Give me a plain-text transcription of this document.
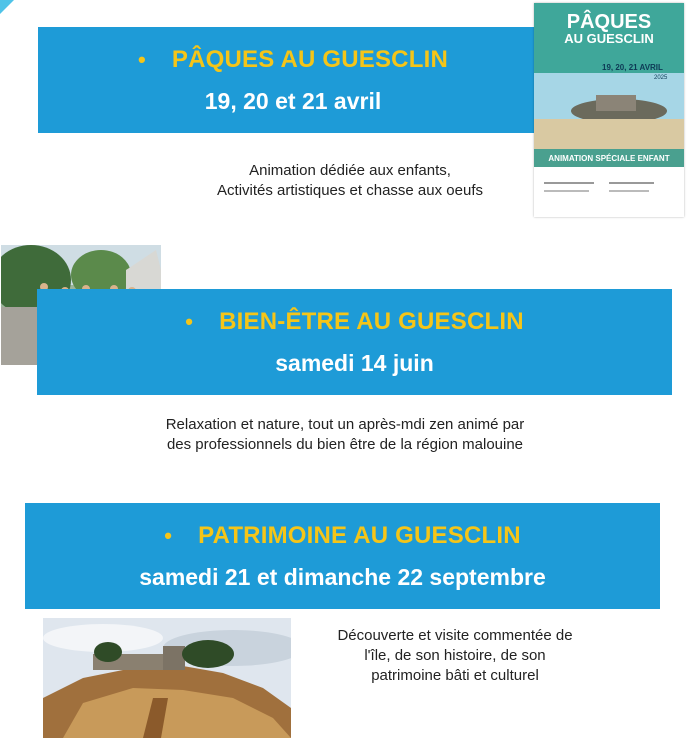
• PÂQUES AU GUESCLIN
19, 20 et 21 avril
PÂQUES
AU GUESCLIN
19, 20, 21 AVRIL
2025
ANIMATION SPÉCIALE ENFANT
Animation dédiée aux enfants,
Activités artistiques et chasse aux oeufs
• BIEN-ÊTRE AU GUESCLIN
samedi 14 juin
Relaxation et nature, tout un après-mdi zen animé par
des professionnels du bien être de la région malouine
• PATRIMOINE AU GUESCLIN
samedi 21 et dimanche 22 septembre
Découverte et visite commentée de
l'île, de son histoire, de son
patrimoine bâti et culturel
